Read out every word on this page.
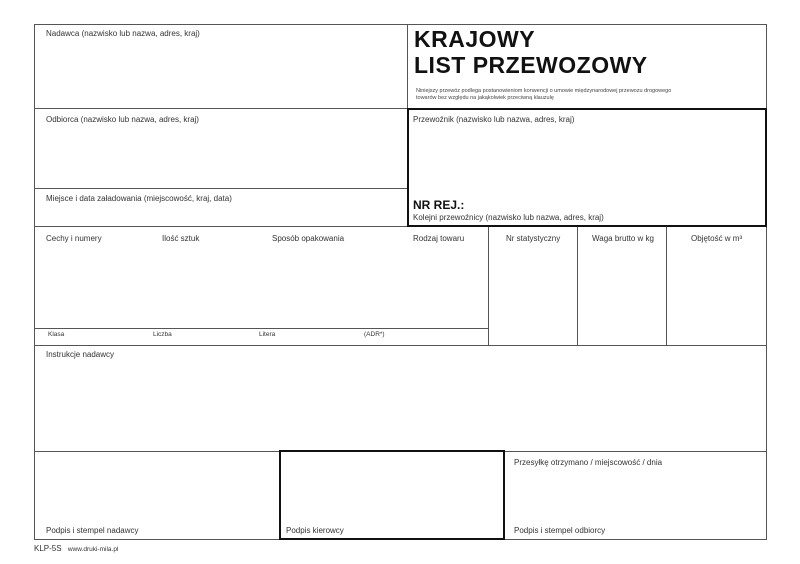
KRAJOWY
LIST PRZEWOZOWY
Niniejszy przewóz podlega postanowieniom konwencji o umowie międzynarodowej przewozu drogowego towarów bez względu na jakąkolwiek przeciwną klauzulę
Nadawca (nazwisko lub nazwa, adres, kraj)
Odbiorca (nazwisko lub nazwa, adres, kraj)
Miejsce i data załadowania (miejscowość, kraj, data)
Przewoźnik (nazwisko lub nazwa, adres, kraj)
NR REJ.:
Kolejni przewoźnicy (nazwisko lub nazwa, adres, kraj)
Cechy i numery	Ilość sztuk	Sposób opakowania	Rodzaj towaru	Nr statystyczny	Waga brutto w kg	Objętość w m³
Klasa	Liczba	Litera	(ADR*)
Instrukcje nadawcy
Podpis i stempel nadawcy	Podpis kierowcy
Przesyłkę otrzymano / miejscowość / dnia
Podpis i stempel odbiorcy
KLP-5S www.druki-mila.pl
